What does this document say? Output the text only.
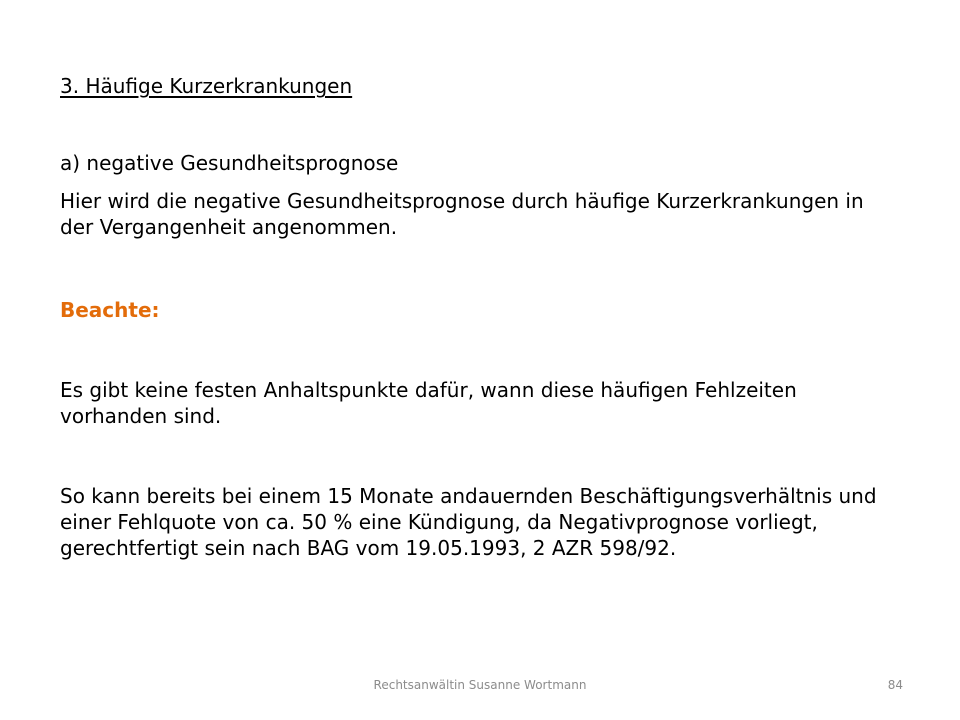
3. Häufige Kurzerkrankungen
a) negative Gesundheitsprognose
Hier wird die negative Gesundheitsprognose durch häufige Kurzerkrankungen in der Vergangenheit angenommen.
Beachte:
Es gibt keine festen Anhaltspunkte dafür, wann diese häufigen Fehlzeiten vorhanden sind.
So kann bereits bei einem 15 Monate andauernden Beschäftigungsverhältnis und einer Fehlquote von ca. 50 % eine Kündigung, da Negativprognose vorliegt, gerechtfertigt sein nach BAG vom 19.05.1993, 2 AZR 598/92.
Rechtsanwältin Susanne Wortmann	84
